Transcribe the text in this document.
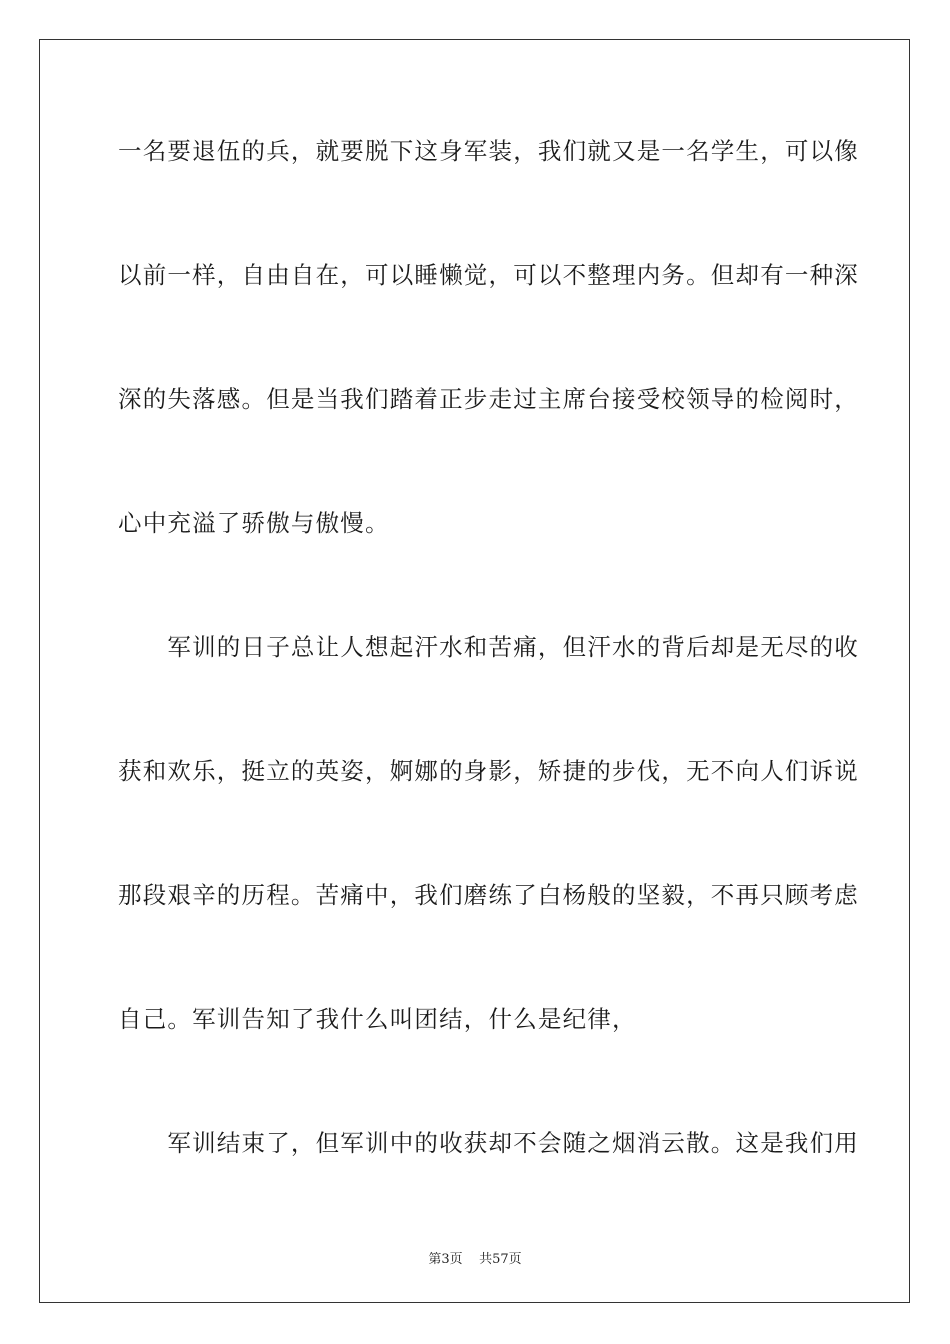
一名要退伍的兵，就要脱下这身军装，我们就又是一名学生，可以像
以前一样，自由自在，可以睡懒觉，可以不整理内务。但却有一种深
深的失落感。但是当我们踏着正步走过主席台接受校领导的检阅时，
心中充溢了骄傲与傲慢。
　　军训的日子总让人想起汗水和苦痛，但汗水的背后却是无尽的收
获和欢乐，挺立的英姿，婀娜的身影，矫捷的步伐，无不向人们诉说
那段艰辛的历程。苦痛中，我们磨练了白杨般的坚毅，不再只顾考虑
自己。军训告知了我什么叫团结，什么是纪律，
　　军训结束了，但军训中的收获却不会随之烟消云散。这是我们用
第3页 共57页
